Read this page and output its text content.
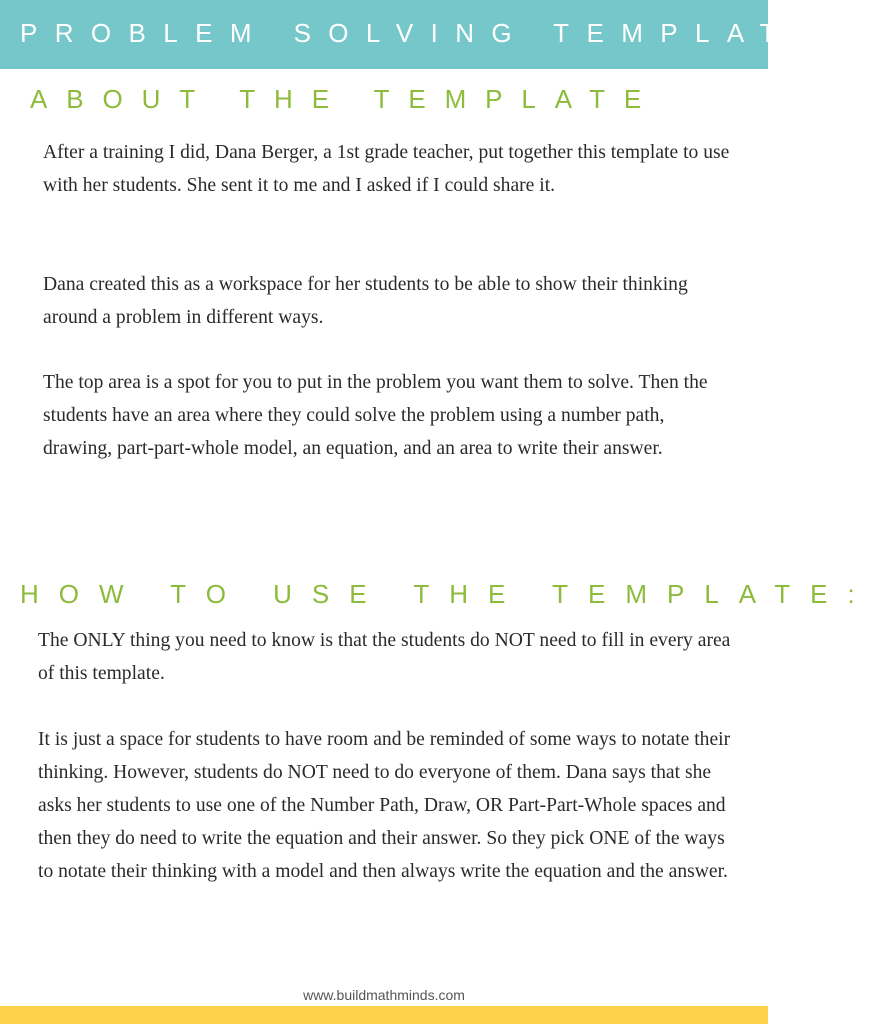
PROBLEM SOLVING TEMPLATE
ABOUT THE TEMPLATE

After a training I did, Dana Berger, a 1st grade teacher, put together this template to use with her students. She sent it to me and I asked if I could share it.

Dana created this as a workspace for her students to be able to show their thinking around a problem in different ways.

The top area is a spot for you to put in the problem you want them to solve. Then the students have an area where they could solve the problem using a number path, drawing, part-part-whole model, an equation, and an area to write their answer.

HOW TO USE THE TEMPLATE:

The ONLY thing you need to know is that the students do NOT need to fill in every area of this template.

It is just a space for students to have room and be reminded of some ways to notate their thinking. However, students do NOT need to do everyone of them. Dana says that she asks her students to use one of the Number Path, Draw, OR Part-Part-Whole spaces and then they do need to write the equation and their answer. So they pick ONE of the ways to notate their thinking with a model and then always write the equation and the answer.

www.buildmathminds.com
